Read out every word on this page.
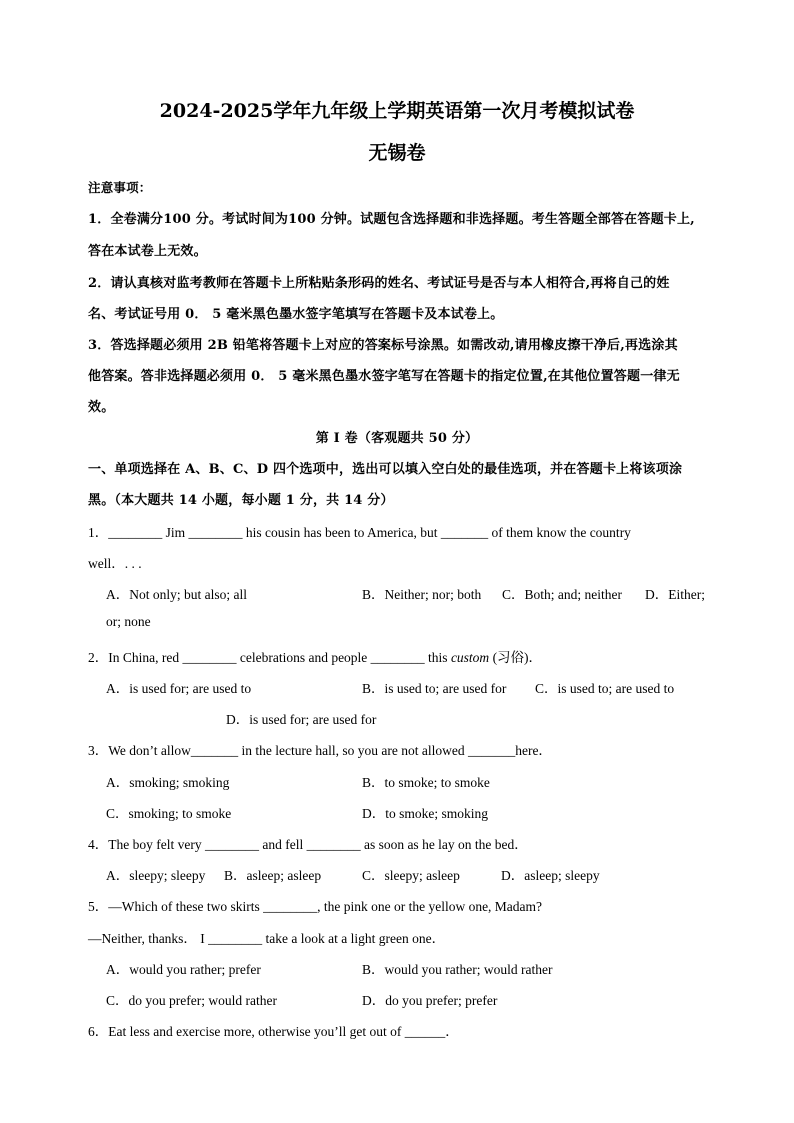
2024-2025学年九年级上学期英语第一次月考模拟试卷
无锡卷
注意事项：
1．全卷满分100 分。考试时间为100 分钟。试题包含选择题和非选择题。考生答题全部答在答题卡上,
答在本试卷上无效。
2．请认真核对监考教师在答题卡上所粘贴条形码的姓名、考试证号是否与本人相符合,再将自己的姓
名、考试证号用 0． 5 毫米黑色墨水签字笔填写在答题卡及本试卷上。
3．答选择题必须用 2B 铅笔将答题卡上对应的答案标号涂黑。如需改动,请用橡皮擦干净后,再选涂其
他答案。答非选择题必须用 0． 5 毫米黑色墨水签字笔写在答题卡的指定位置,在其他位置答题一律无
效。
第 I 卷（客观题共 50 分）
一、单项选择在 A、B、C、D 四个选项中，选出可以填入空白处的最佳选项，并在答题卡上将该项涂
黑。（本大题共 14 小题，每小题 1 分，共 14 分）
1．________ Jim ________ his cousin has been to America, but _______ of them know the country
well．. . .
A．Not only; but also; all	B．Neither; nor; both C．Both; and; neither D．Either;
or; none
2．In China, red ________ celebrations and people ________ this custom (习俗)．
A．is used for; are used to	B．is used to; are used for C．is used to; are used to
D．is used for; are used for
3．We don’t allow_______ in the lecture hall, so you are not allowed _______here．
A．smoking; smoking	B．to smoke; to smoke
C．smoking; to smoke	D．to smoke; smoking
4．The boy felt very ________ and fell ________ as soon as he lay on the bed．
A．sleepy; sleepy B．asleep; asleep	C．sleepy; asleep	D．asleep; sleepy
5．—Which of these two skirts ________, the pink one or the yellow one, Madam?
—Neither, thanks． I ________ take a look at a light green one．
A．would you rather; prefer	B．would you rather; would rather
C．do you prefer; would rather	D．do you prefer; prefer
6．Eat less and exercise more, otherwise you’ll get out of ______．
